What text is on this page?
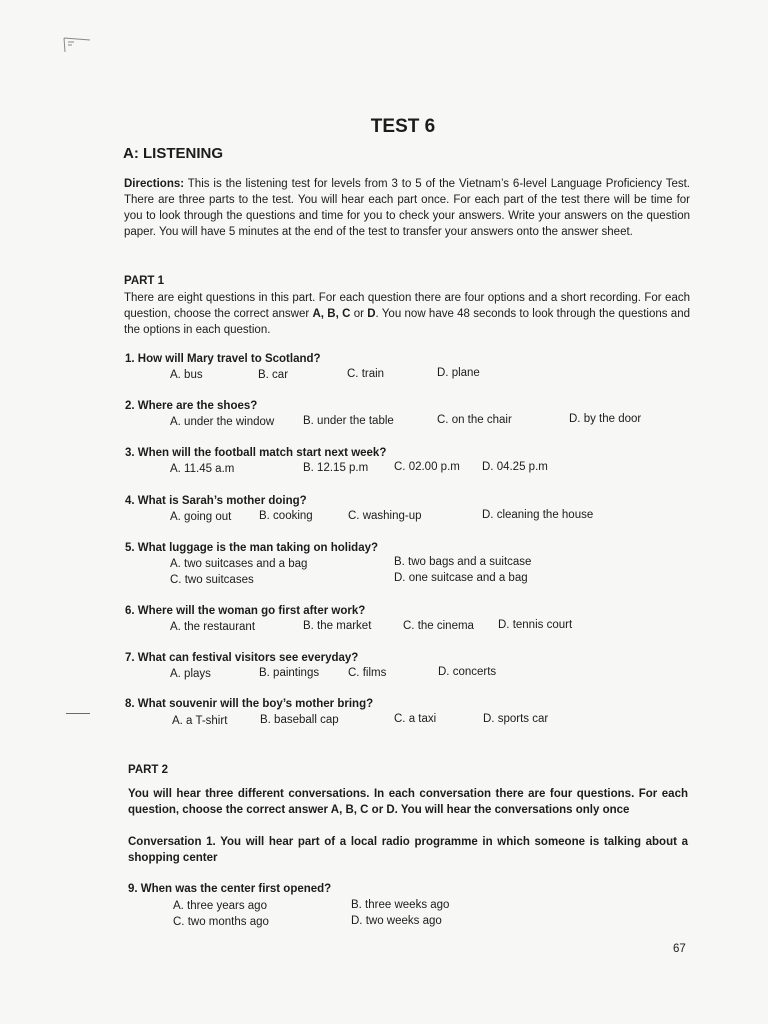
TEST 6
A: LISTENING
Directions: This is the listening test for levels from 3 to 5 of the Vietnam’s 6-level Language Proficiency Test. There are three parts to the test. You will hear each part once. For each part of the test there will be time for you to look through the questions and time for you to check your answers. Write your answers on the question paper. You will have 5 minutes at the end of the test to transfer your answers onto the answer sheet.
PART 1
There are eight questions in this part. For each question there are four options and a short recording. For each question, choose the correct answer A, B, C or D. You now have 48 seconds to look through the questions and the options in each question.
1. How will Mary travel to Scotland?
A. bus	B. car	C. train	D. plane
2. Where are the shoes?
A. under the window	B. under the table	C. on the chair	D. by the door
3. When will the football match start next week?
A. 11.45 a.m	B. 12.15 p.m C. 02.00 p.m D. 04.25 p.m
4. What is Sarah’s mother doing?
A. going out B. cooking	C. washing-up	D. cleaning the house
5. What luggage is the man taking on holiday?
A. two suitcases and a bag	B. two bags and a suitcase
C. two suitcases	D. one suitcase and a bag
6. Where will the woman go first after work?
A. the restaurant	B. the market	C. the cinema D. tennis court
7. What can festival visitors see everyday?
A. plays	B. paintings	C. films	D. concerts
8. What souvenir will the boy’s mother bring?
A. a T-shirt	B. baseball cap	C. a taxi	D. sports car
PART 2
You will hear three different conversations. In each conversation there are four questions. For each question, choose the correct answer A, B, C or D. You will hear the conversations only once
Conversation 1. You will hear part of a local radio programme in which someone is talking about a shopping center
9. When was the center first opened?
A. three years ago	B. three weeks ago
C. two months ago	D. two weeks ago
67
